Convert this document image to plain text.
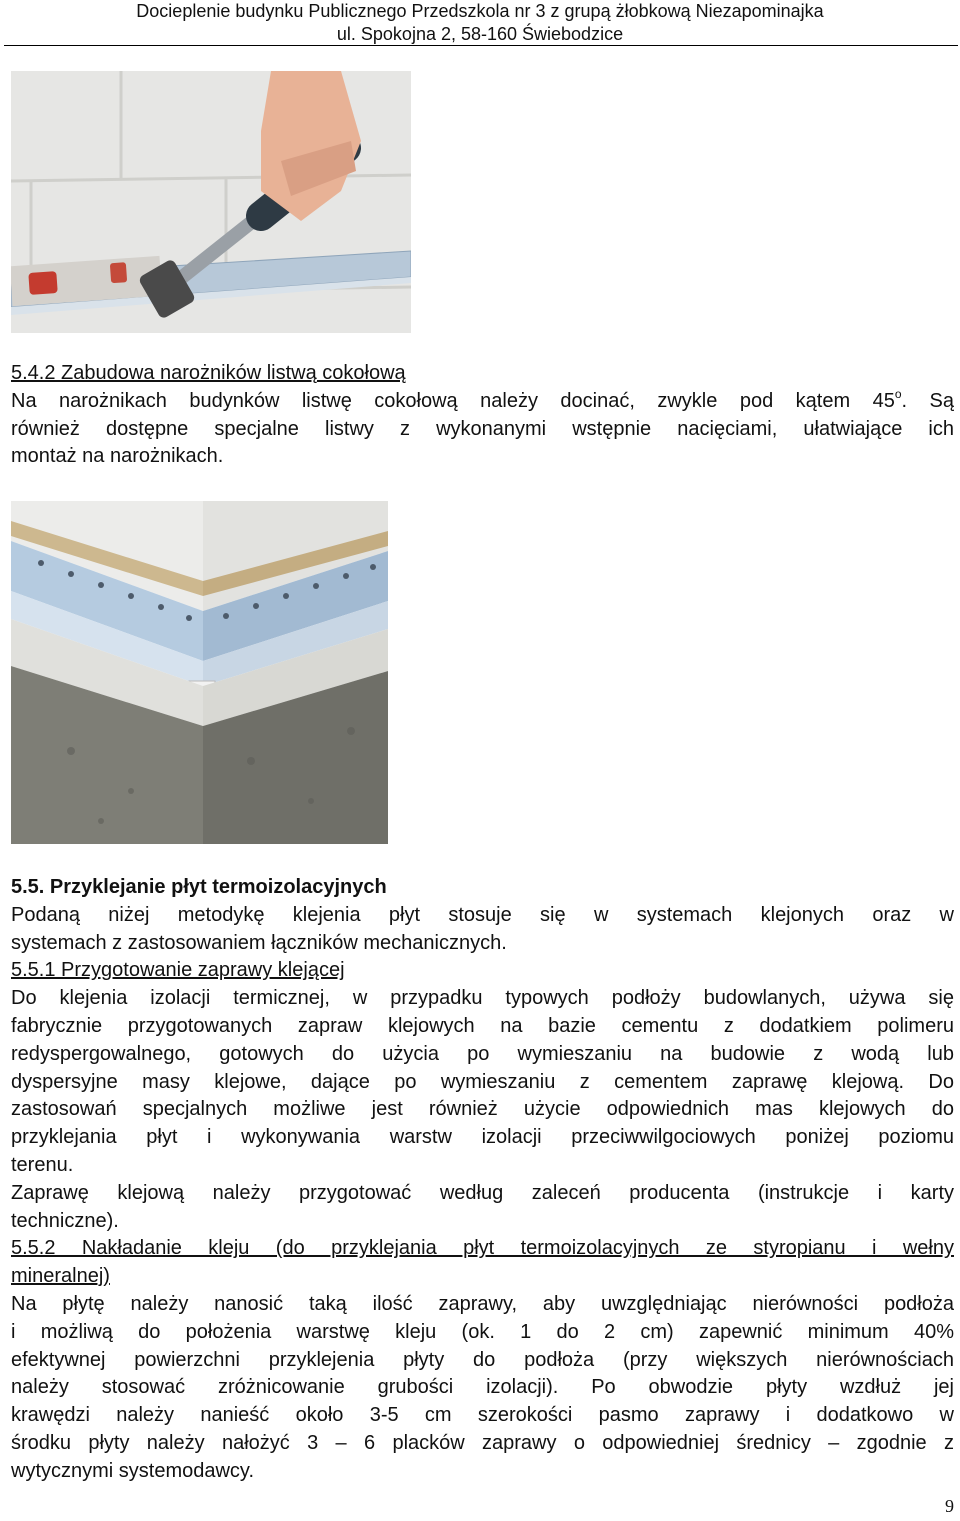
Docieplenie budynku Publicznego Przedszkola nr 3 z grupą żłobkową Niezapominajka
ul. Spokojna 2, 58-160 Świebodzice
5.4.2 Zabudowa narożników listwą cokołową
Na narożnikach budynków listwę cokołową należy docinać, zwykle pod kątem 45$^o$. Są
również dostępne specjalne listwy z wykonanymi wstępnie nacięciami, ułatwiające ich
montaż na narożnikach.
5.5. Przyklejanie płyt termoizolacyjnych
Podaną niżej metodykę klejenia płyt stosuje się w systemach klejonych oraz w
systemach z zastosowaniem łączników mechanicznych.
5.5.1 Przygotowanie zaprawy klejącej
Do klejenia izolacji termicznej, w przypadku typowych podłoży budowlanych, używa się
fabrycznie przygotowanych zapraw klejowych na bazie cementu z dodatkiem polimeru
redyspergowalnego, gotowych do użycia po wymieszaniu na budowie z wodą lub
dyspersyjne masy klejowe, dające po wymieszaniu z cementem zaprawę klejową. Do
zastosowań specjalnych możliwe jest również użycie odpowiednich mas klejowych do
przyklejania płyt i wykonywania warstw izolacji przeciwwilgociowych poniżej poziomu
terenu.
Zaprawę klejową należy przygotować według zaleceń producenta (instrukcje i karty
techniczne).
5.5.2 Nakładanie kleju (do przyklejania płyt termoizolacyjnych ze styropianu i wełny
mineralnej)
Na płytę należy nanosić taką ilość zaprawy, aby uwzględniając nierówności podłoża
i możliwą do położenia warstwę kleju (ok. 1 do 2 cm) zapewnić minimum 40%
efektywnej powierzchni przyklejenia płyty do podłoża (przy większych nierównościach
należy stosować zróżnicowanie grubości izolacji). Po obwodzie płyty wzdłuż jej
krawędzi należy nanieść około 3-5 cm szerokości pasmo zaprawy i dodatkowo w
środku płyty należy nałożyć 3 – 6 placków zaprawy o odpowiedniej średnicy – zgodnie z
wytycznymi systemodawcy.
9
